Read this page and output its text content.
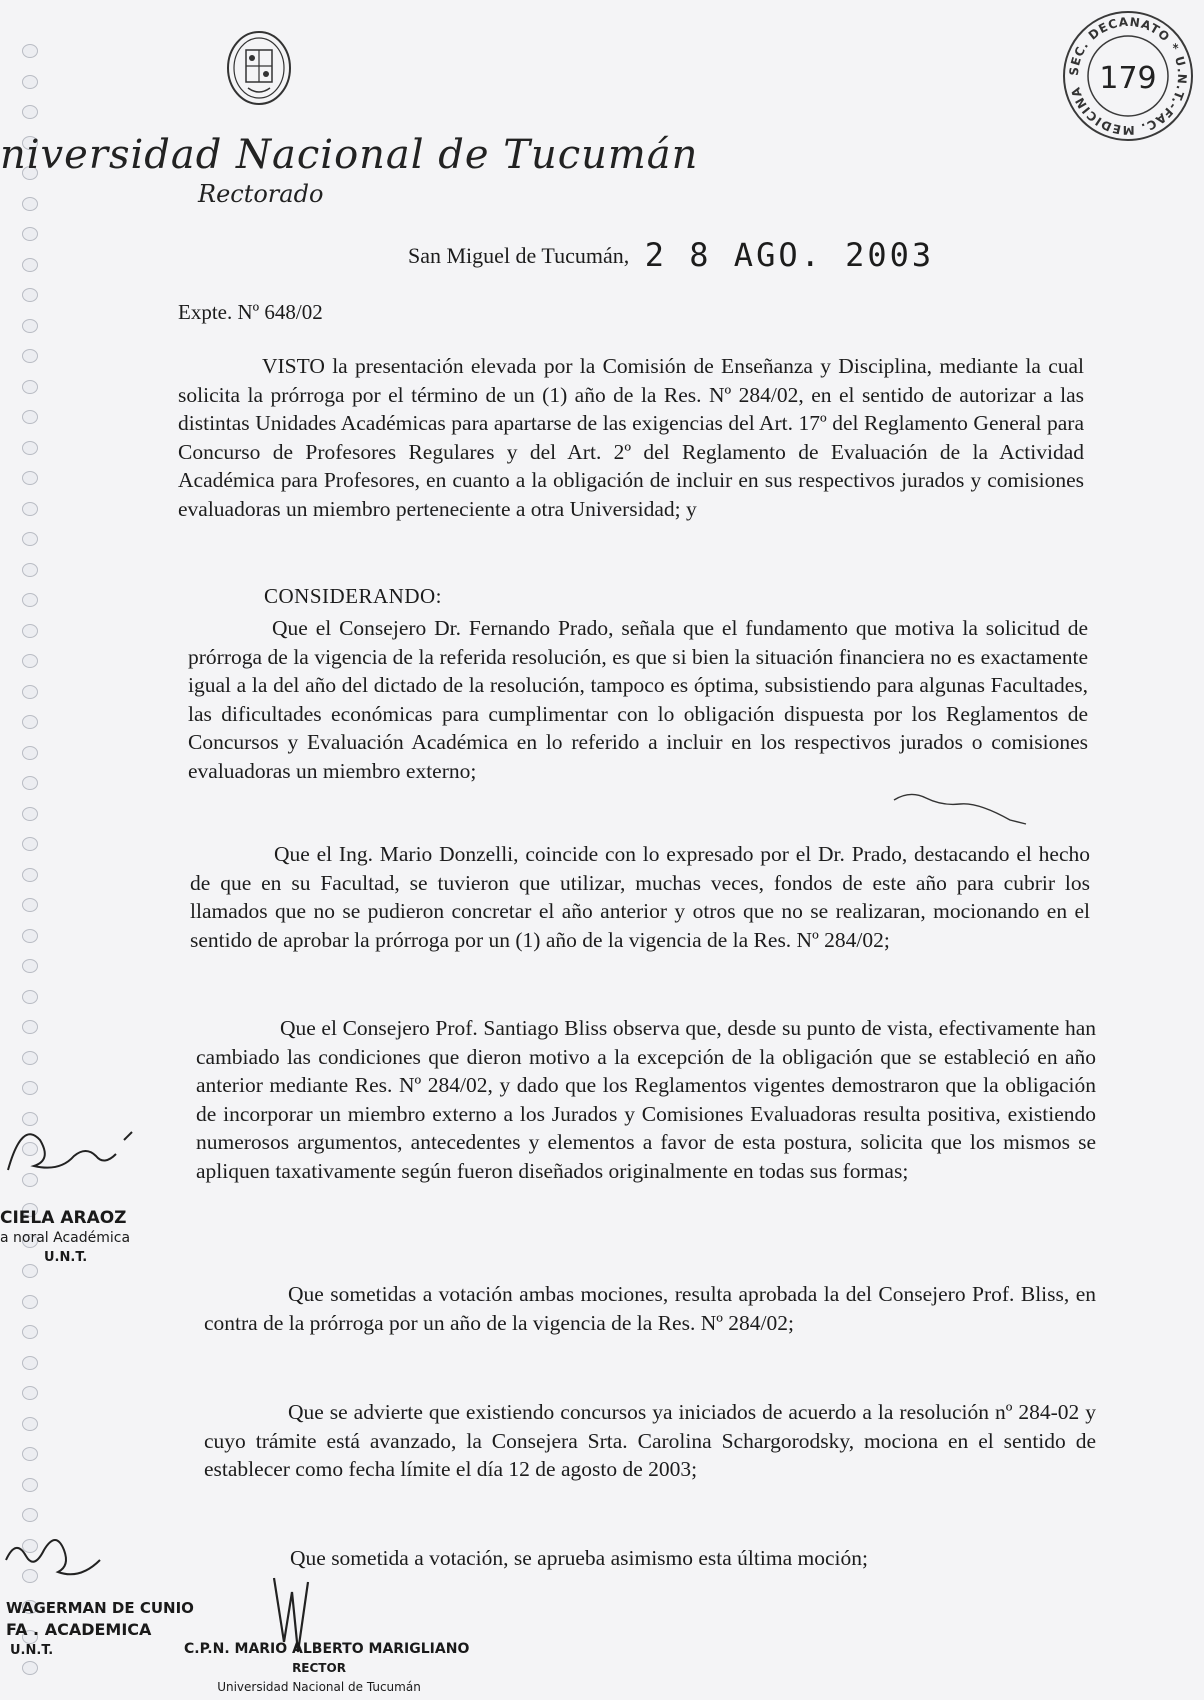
niversidad Nacional de Tucumán
Rectorado
SEC. DECANATO * U.N.T.-FAC. MEDICINA 179
San Miguel de Tucumán, 2 8 AGO. 2003
Expte. Nº 648/02

VISTO la presentación elevada por la Comisión de Enseñanza y Disciplina, mediante la cual solicita la prórroga por el término de un (1) año de la Res. Nº 284/02, en el sentido de autorizar a las distintas Unidades Académicas para apartarse de las exigencias del Art. 17º del Reglamento General para Concurso de Profesores Regulares y del Art. 2º del Reglamento de Evaluación de la Actividad Académica para Profesores, en cuanto a la obligación de incluir en sus respectivos jurados y comisiones evaluadoras un miembro perteneciente a otra Universidad; y

CONSIDERANDO:

Que el Consejero Dr. Fernando Prado, señala que el fundamento que motiva la solicitud de prórroga de la vigencia de la referida resolución, es que si bien la situación financiera no es exactamente igual a la del año del dictado de la resolución, tampoco es óptima, subsistiendo para algunas Facultades, las dificultades económicas para cumplimentar con lo obligación dispuesta por los Reglamentos de Concursos y Evaluación Académica en lo referido a incluir en los respectivos jurados o comisiones evaluadoras un miembro externo;

Que el Ing. Mario Donzelli, coincide con lo expresado por el Dr. Prado, destacando el hecho de que en su Facultad, se tuvieron que utilizar, muchas veces, fondos de este año para cubrir los llamados que no se pudieron concretar el año anterior y otros que no se realizaran, mocionando en el sentido de aprobar la prórroga por un (1) año de la vigencia de la Res. Nº 284/02;

Que el Consejero Prof. Santiago Bliss observa que, desde su punto de vista, efectivamente han cambiado las condiciones que dieron motivo a la excepción de la obligación que se estableció en año anterior mediante Res. Nº 284/02, y dado que los Reglamentos vigentes demostraron que la obligación de incorporar un miembro externo a los Jurados y Comisiones Evaluadoras resulta positiva, existiendo numerosos argumentos, antecedentes y elementos a favor de esta postura, solicita que los mismos se apliquen taxativamente según fueron diseñados originalmente en todas sus formas;

Que sometidas a votación ambas mociones, resulta aprobada la del Consejero Prof. Bliss, en contra de la prórroga por un año de la vigencia de la Res. Nº 284/02;

Que se advierte que existiendo concursos ya iniciados de acuerdo a la resolución nº 284-02 y cuyo trámite está avanzado, la Consejera Srta. Carolina Schargorodsky, mociona en el sentido de establecer como fecha límite el día 12 de agosto de 2003;

Que sometida a votación, se aprueba asimismo esta última moción;

CIELA ARAOZ
a noral Académica
U.N.T.
WAGERMAN DE CUNIO
FA . ACADEMICA
U.N.T.	C.P.N. MARIO ALBERTO MARIGLIANO
RECTOR
Universidad Nacional de Tucumán
